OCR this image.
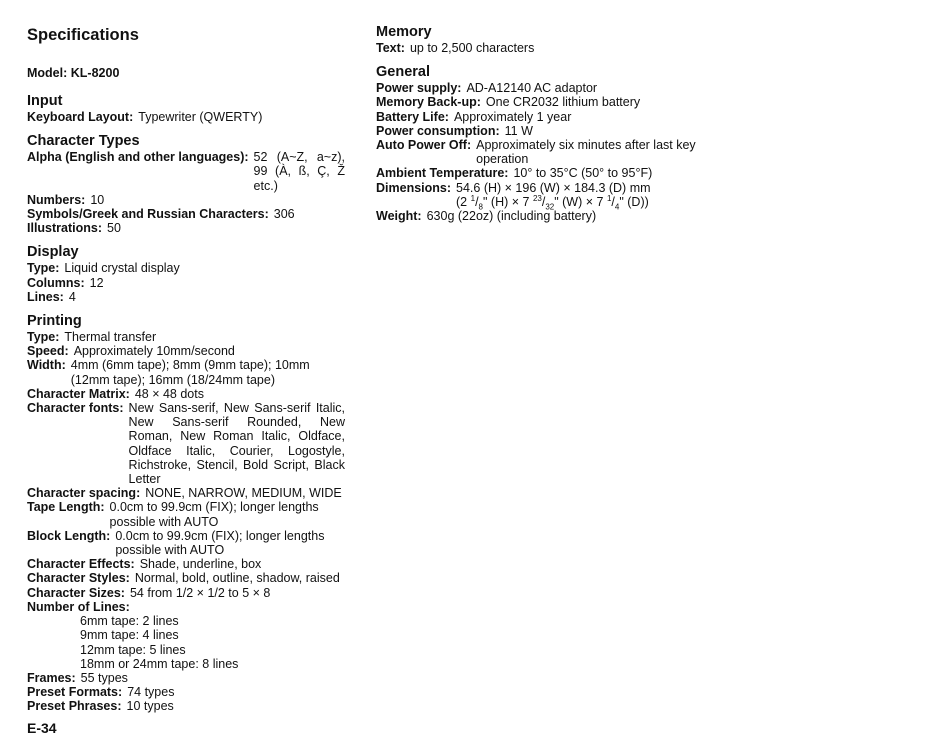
Specifications
Model: KL-8200
Input
Keyboard Layout: Typewriter (QWERTY)
Character Types
Alpha (English and other languages): 52 (A~Z, a~z), 99 (À, ß, Ç, Ž etc.)
Numbers: 10
Symbols/Greek and Russian Characters: 306
Illustrations: 50
Display
Type: Liquid crystal display
Columns: 12
Lines: 4
Printing
Type: Thermal transfer
Speed: Approximately 10mm/second
Width: 4mm (6mm tape); 8mm (9mm tape); 10mm (12mm tape); 16mm (18/24mm tape)
Character Matrix: 48 × 48 dots
Character fonts: New Sans-serif, New Sans-serif Italic, New Sans-serif Rounded, New Roman, New Roman Italic, Oldface, Oldface Italic, Courier, Logostyle, Richstroke, Stencil, Bold Script, Black Letter
Character spacing: NONE, NARROW, MEDIUM, WIDE
Tape Length: 0.0cm to 99.9cm (FIX); longer lengths possible with AUTO
Block Length: 0.0cm to 99.9cm (FIX); longer lengths possible with AUTO
Character Effects: Shade, underline, box
Character Styles: Normal, bold, outline, shadow, raised
Character Sizes: 54 from 1/2 × 1/2 to 5 × 8
Number of Lines:
6mm tape: 2 lines
9mm tape: 4 lines
12mm tape: 5 lines
18mm or 24mm tape: 8 lines
Frames: 55 types
Preset Formats: 74 types
Preset Phrases: 10 types
Memory
Text: up to 2,500 characters
General
Power supply: AD-A12140 AC adaptor
Memory Back-up: One CR2032 lithium battery
Battery Life: Approximately 1 year
Power consumption: 11 W
Auto Power Off: Approximately six minutes after last key operation
Ambient Temperature: 10° to 35°C (50° to 95°F)
Dimensions: 54.6 (H) × 196 (W) × 184.3 (D) mm
(2 $^1/_8$" (H) × 7 $^{23}/_{32}$" (W) × 7 $^1/_4$" (D))
Weight: 630g (22oz) (including battery)
E-34
